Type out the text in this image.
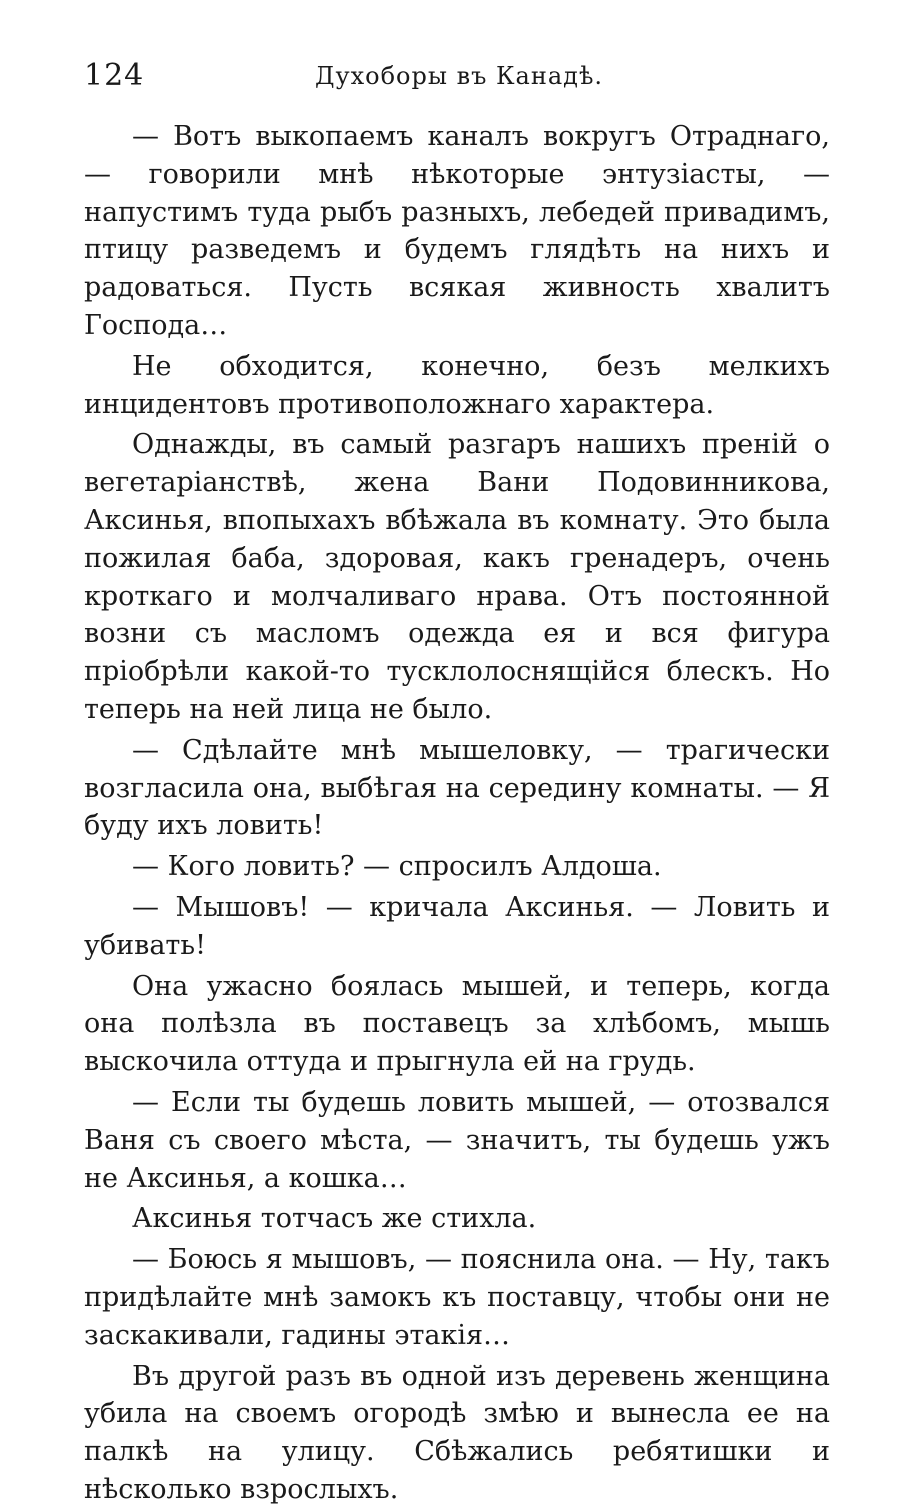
124	Духоборы въ Канадѣ.

— Вотъ выкопаемъ каналъ вокругъ Отраднаго, — говорили мнѣ нѣкоторые энтузіасты, — напустимъ туда рыбъ разныхъ, лебедей привадимъ, птицу разведемъ и будемъ глядѣть на нихъ и радоваться. Пусть всякая живность хвалитъ Господа…

Не обходится, конечно, безъ мелкихъ инцидентовъ противоположнаго характера.

Однажды, въ самый разгаръ нашихъ преній о вегетаріанствѣ, жена Вани Подовинникова, Аксинья, впопыхахъ вбѣжала въ комнату. Это была пожилая баба, здоровая, какъ гренадеръ, очень кроткаго и молчаливаго нрава. Отъ постоянной возни съ масломъ одежда ея и вся фигура пріобрѣли какой-то тусклолоснящійся блескъ. Но теперь на ней лица не было.

— Сдѣлайте мнѣ мышеловку, — трагически возгласила она, выбѣгая на середину комнаты. — Я буду ихъ ловить!

— Кого ловить? — спросилъ Алдоша.

— Мышовъ! — кричала Аксинья. — Ловить и убивать!

Она ужасно боялась мышей, и теперь, когда она полѣзла въ поставецъ за хлѣбомъ, мышь выскочила оттуда и прыгнула ей на грудь.

— Если ты будешь ловить мышей, — отозвался Ваня съ своего мѣста, — значитъ, ты будешь ужъ не Аксинья, а кошка…

Аксинья тотчасъ же стихла.

— Боюсь я мышовъ, — пояснила она. — Ну, такъ придѣлайте мнѣ замокъ къ поставцу, чтобы они не заскакивали, гадины этакія…

Въ другой разъ въ одной изъ деревень женщина убила на своемъ огородѣ змѣю и вынесла ее на палкѣ на улицу. Сбѣжались ребятишки и нѣсколько взрослыхъ.
